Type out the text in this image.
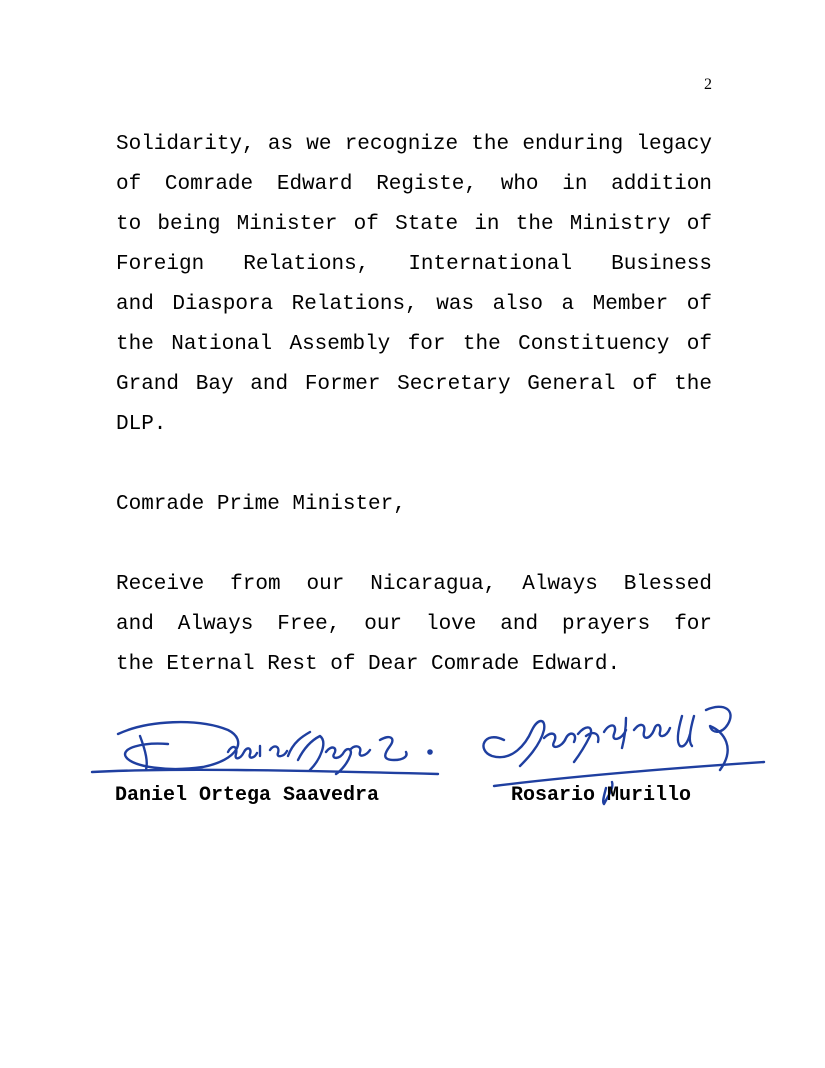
2
Solidarity, as we recognize the enduring legacy
of Comrade Edward Registe, who in addition
to being Minister of State in the Ministry of
Foreign Relations, International Business
and Diaspora Relations, was also a Member of
the National Assembly for the Constituency of
Grand Bay and Former Secretary General of the
DLP.
Comrade Prime Minister,
Receive from our Nicaragua, Always Blessed
and Always Free, our love and prayers for
the Eternal Rest of Dear Comrade Edward.
Daniel Ortega Saavedra	Rosario Murillo
